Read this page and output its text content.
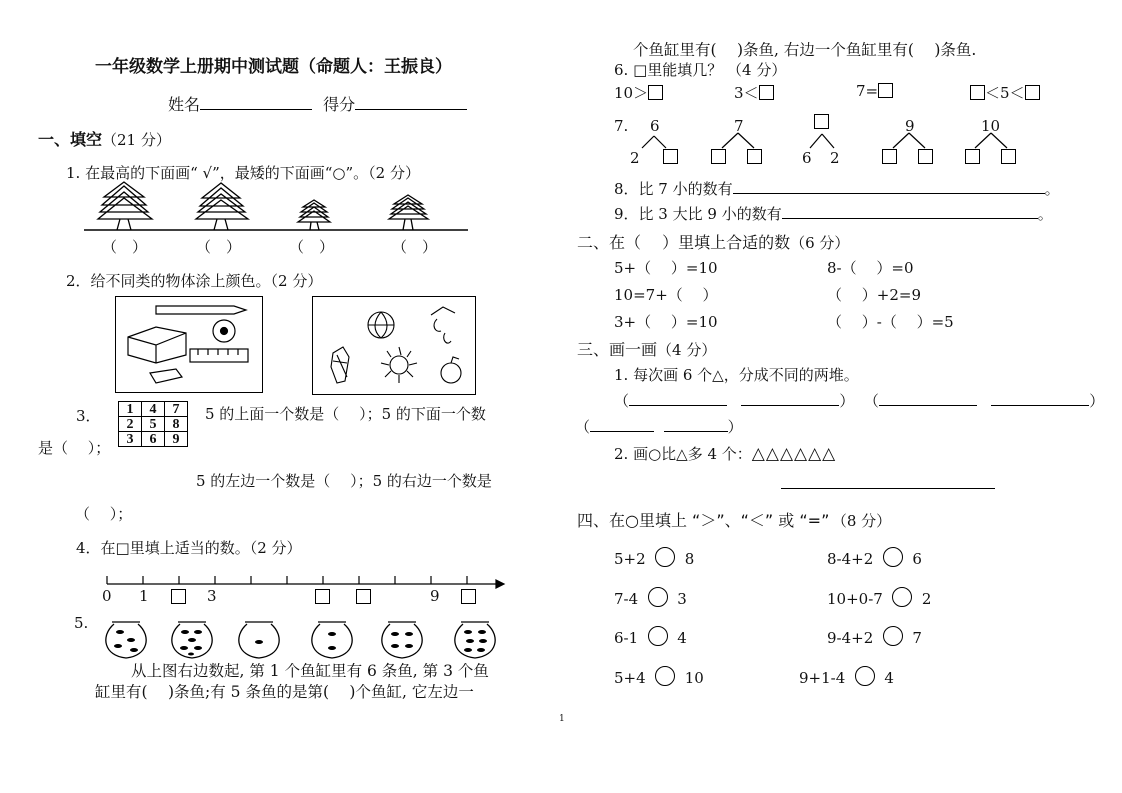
一年级数学上册期中测试题（命题人：王振良）
姓名	得分
一、填空（21 分）
1. 在最高的下面画“ √”，最矮的下面画“○”。（2 分）
（　）	（　）	（　）	（　）
2．给不同类的物体涂上颜色。（2 分）
3． 1	4	7
2	5	8
3	6	9
5 的上面一个数是（　 ）；5 的下面一个数
是（　 ）；
5 的左边一个数是（　 ）；5 的右边一个数是
（　 ）；
4．在□里填上适当的数。（2 分）
0 1	3	9
5.
从上图右边数起, 第 1 个鱼缸里有 6 条鱼, 第 3 个鱼
缸里有(　 )条鱼;有 5 条鱼的是第(　 )个鱼缸, 它左边一
个鱼缸里有(　 )条鱼, 右边一个鱼缸里有(　 )条鱼.
6. □里能填几？ （4 分）
10＞	3＜	7=	＜5＜
7. 6
2
7
6 2
9	10
8．比 7 小的数有	。
9．比 3 大比 9 小的数有	。
二、在（　 ）里填上合适的数（6 分）
5+（　 ）=10	8-（　 ）=0
10=7+（　 ）	（　 ）+2=9
3+（　 ）=10	（　 ）-（　 ）=5
三、画一画（4 分）
1. 每次画 6 个△，分成不同的两堆。
（	）  （	）
（	）
2. 画○比△多 4 个：△△△△△△
四、在○里填上 “＞”、“＜” 或 “=” （8 分）
5+2	8	8-4+2	6
7-4	3	10+0-7	2
6-1	4	9-4+2	7
5+4	10	9+1-4	4
1
